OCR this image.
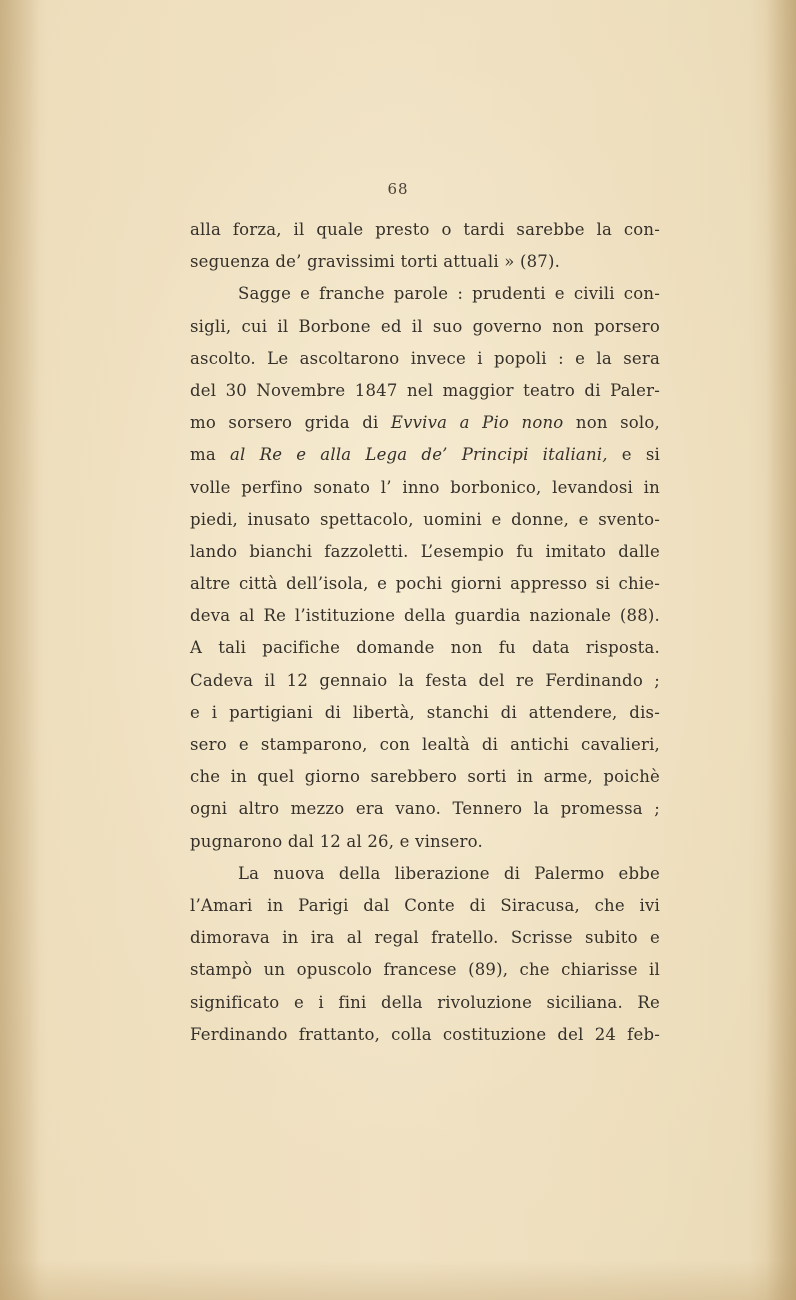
68
alla forza, il quale presto o tardi sarebbe la con-
seguenza de’ gravissimi torti attuali » (87).
Sagge e franche parole : prudenti e civili con-
sigli, cui il Borbone ed il suo governo non porsero
ascolto. Le ascoltarono invece i popoli : e la sera
del 30 Novembre 1847 nel maggior teatro di Paler-
mo sorsero grida di Evviva a Pio nono non solo,
ma al Re e alla Lega de’ Principi italiani, e si
volle perfino sonato l’ inno borbonico, levandosi in
piedi, inusato spettacolo, uomini e donne, e svento-
lando bianchi fazzoletti. L’esempio fu imitato dalle
altre città dell’isola, e pochi giorni appresso si chie-
deva al Re l’istituzione della guardia nazionale (88).
A tali pacifiche domande non fu data risposta.
Cadeva il 12 gennaio la festa del re Ferdinando ;
e i partigiani di libertà, stanchi di attendere, dis-
sero e stamparono, con lealtà di antichi cavalieri,
che in quel giorno sarebbero sorti in arme, poichè
ogni altro mezzo era vano. Tennero la promessa ;
pugnarono dal 12 al 26, e vinsero.
La nuova della liberazione di Palermo ebbe
l’Amari in Parigi dal Conte di Siracusa, che ivi
dimorava in ira al regal fratello. Scrisse subito e
stampò un opuscolo francese (89), che chiarisse il
significato e i fini della rivoluzione siciliana. Re
Ferdinando frattanto, colla costituzione del 24 feb-
